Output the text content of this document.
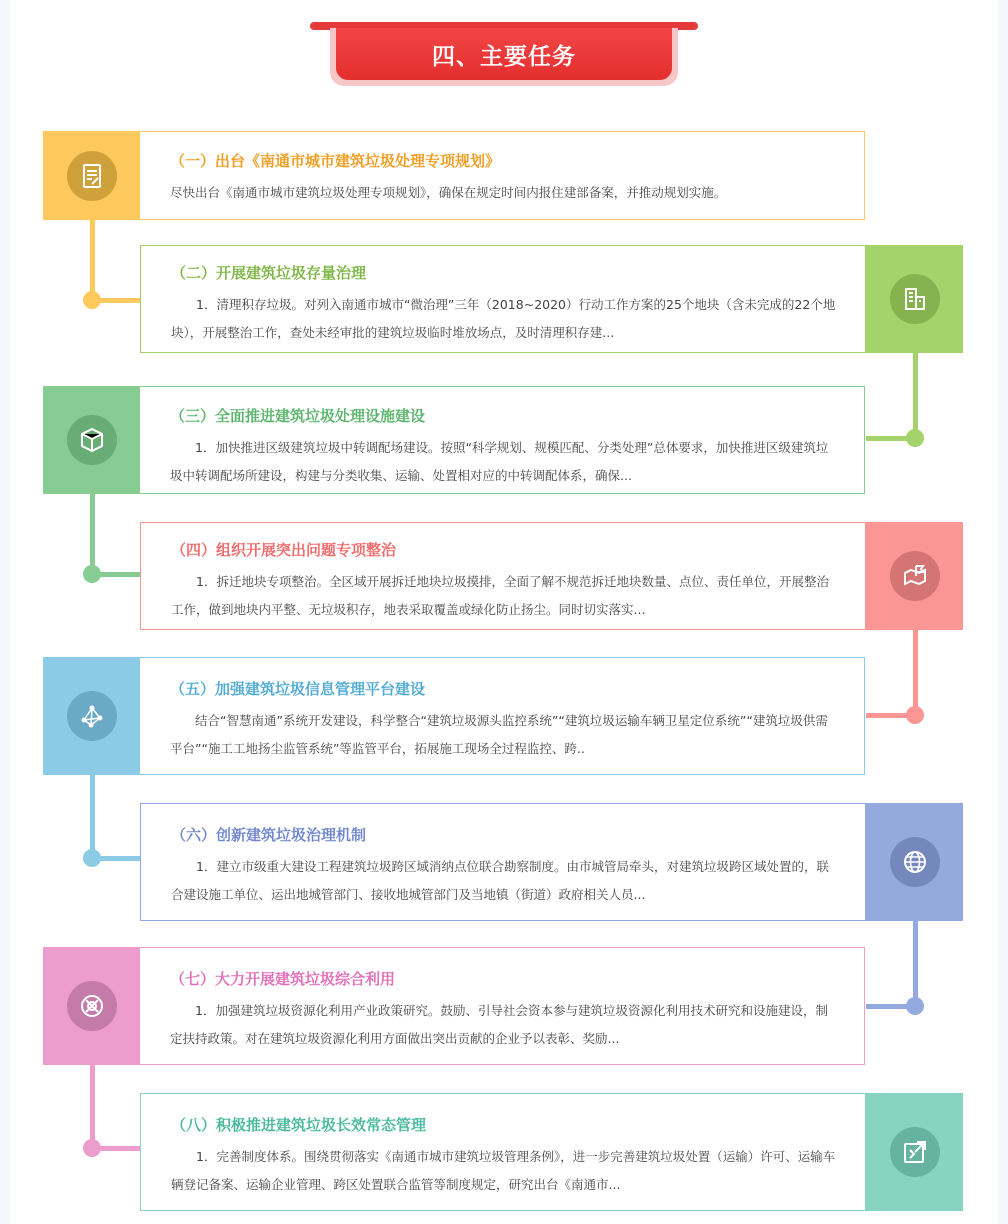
四、主要任务
（一）出台《南通市城市建筑垃圾处理专项规划》
尽快出台《南通市城市建筑垃圾处理专项规划》，确保在规定时间内报住建部备案，并推动规划实施。
（二）开展建筑垃圾存量治理
1．清理积存垃圾。对列入南通市城市“微治理”三年（2018~2020）行动工作方案的25个地块（含未完成的22个地块），开展整治工作，查处未经审批的建筑垃圾临时堆放场点，及时清理积存建...
（三）全面推进建筑垃圾处理设施建设
1．加快推进区级建筑垃圾中转调配场建设。按照“科学规划、规模匹配、分类处理”总体要求，加快推进区级建筑垃圾中转调配场所建设，构建与分类收集、运输、处置相对应的中转调配体系，确保...
（四）组织开展突出问题专项整治
1．拆迁地块专项整治。全区域开展拆迁地块垃圾摸排，全面了解不规范拆迁地块数量、点位、责任单位，开展整治工作，做到地块内平整、无垃圾积存，地表采取覆盖或绿化防止扬尘。同时切实落实...
（五）加强建筑垃圾信息管理平台建设
结合“智慧南通”系统开发建设，科学整合“建筑垃圾源头监控系统”“建筑垃圾运输车辆卫星定位系统”“建筑垃圾供需平台”“施工工地扬尘监管系统”等监管平台，拓展施工现场全过程监控、跨..
（六）创新建筑垃圾治理机制
1．建立市级重大建设工程建筑垃圾跨区域消纳点位联合勘察制度。由市城管局牵头，对建筑垃圾跨区域处置的，联合建设施工单位、运出地城管部门、接收地城管部门及当地镇（街道）政府相关人员...
（七）大力开展建筑垃圾综合利用
1．加强建筑垃圾资源化利用产业政策研究。鼓励、引导社会资本参与建筑垃圾资源化利用技术研究和设施建设，制定扶持政策。对在建筑垃圾资源化利用方面做出突出贡献的企业予以表彰、奖励...
（八）积极推进建筑垃圾长效常态管理
1．完善制度体系。围绕贯彻落实《南通市城市建筑垃圾管理条例》，进一步完善建筑垃圾处置（运输）许可、运输车辆登记备案、运输企业管理、跨区处置联合监管等制度规定，研究出台《南通市...
